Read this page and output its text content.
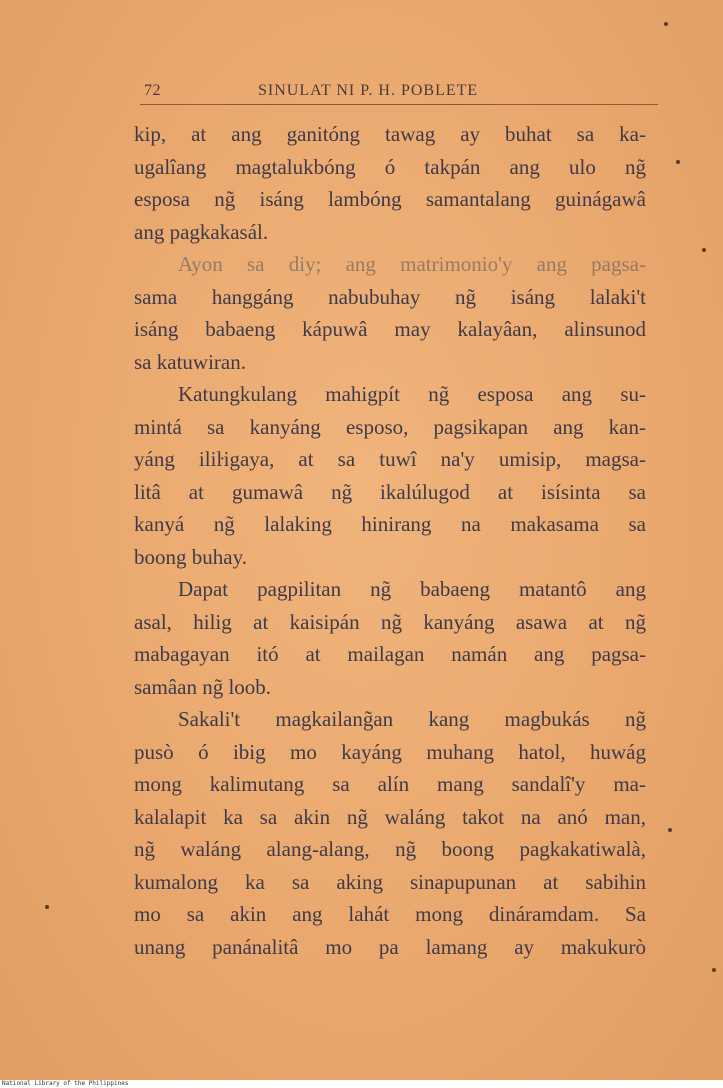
72	SINULAT NI P. H. POBLETE
kip, at ang ganitóng tawag ay buhat sa ka-
ugalîang magtalukbóng ó takpán ang ulo ng̃
esposa ng̃ isáng lambóng samantalang guinágawâ
ang pagkakasál.
Ayon sa diy; ang matrimonio'y ang pagsa-
sama hanggáng nabubuhay ng̃ isáng lalaki't
isáng babaeng kápuwâ may kalayâan, alinsunod
sa katuwiran.
Katungkulang mahigpít ng̃ esposa ang su-
mintá sa kanyáng esposo, pagsikapan ang kan-
yáng iliŀigaya, at sa tuwî na'y umisip, magsa-
litâ at gumawâ ng̃ ikalúlugod at isísinta sa
kanyá ng̃ lalaking hinirang na makasama sa
boong buhay.
Dapat pagpilitan ng̃ babaeng matantô ang
asal, hilig at kaisipán ng̃ kanyáng asawa at ng̃
mabagayan itó at mailagan namán ang pagsa-
samâan ng̃ loob.
Sakali't magkailang̃an kang magbukás ng̃
pusò ó ibig mo kayáng muhang hatol, huwág
mong kalimutang sa alín mang sandalî'y ma-
kalalapit ka sa akin ng̃ waláng takot na anó man,
ng̃ waláng alang-alang, ng̃ boong pagkakatiwalà,
kumalong ka sa aking sinapupunan at sabihin
mo sa akin ang lahát mong dináramdam. Sa
unang panánalitâ mo pa lamang ay makukurò
National Library of the Philippines
